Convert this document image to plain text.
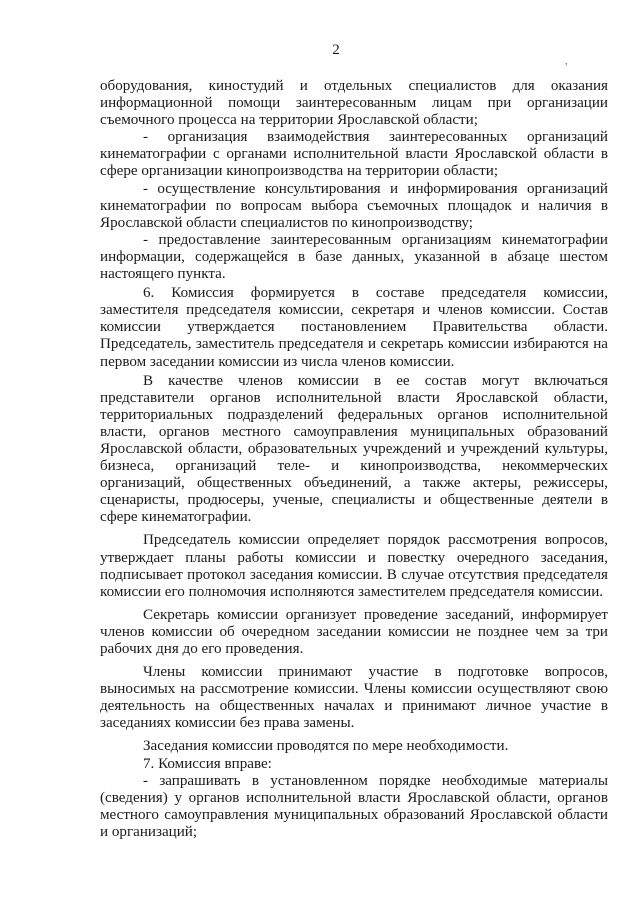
2
,

оборудования, киностудий и отдельных специалистов для оказания информационной помощи заинтересованным лицам при организации съемочного процесса на территории Ярославской области;

- организация взаимодействия заинтересованных организаций кинематографии с органами исполнительной власти Ярославской области в сфере организации кинопроизводства на территории области;

- осуществление консультирования и информирования организаций кинематографии по вопросам выбора съемочных площадок и наличия в Ярославской области специалистов по кинопроизводству;

- предоставление заинтересованным организациям кинематографии информации, содержащейся в базе данных, указанной в абзаце шестом настоящего пункта.

6. Комиссия формируется в составе председателя комиссии, заместителя председателя комиссии, секретаря и членов комиссии. Состав комиссии утверждается постановлением Правительства области. Председатель, заместитель председателя и секретарь комиссии избираются на первом заседании комиссии из числа членов комиссии.

В качестве членов комиссии в ее состав могут включаться представители органов исполнительной власти Ярославской области, территориальных подразделений федеральных органов исполнительной власти, органов местного самоуправления муниципальных образований Ярославской области, образовательных учреждений и учреждений культуры, бизнеса, организаций теле- и кинопроизводства, некоммерческих организаций, общественных объединений, а также актеры, режиссеры, сценаристы, продюсеры, ученые, специалисты и общественные деятели в сфере кинематографии.

Председатель комиссии определяет порядок рассмотрения вопросов, утверждает планы работы комиссии и повестку очередного заседания, подписывает протокол заседания комиссии. В случае отсутствия председателя комиссии его полномочия исполняются заместителем председателя комиссии.

Секретарь комиссии организует проведение заседаний, информирует членов комиссии об очередном заседании комиссии не позднее чем за три рабочих дня до его проведения.

Члены комиссии принимают участие в подготовке вопросов, выносимых на рассмотрение комиссии. Члены комиссии осуществляют свою деятельность на общественных началах и принимают личное участие в заседаниях комиссии без права замены.

Заседания комиссии проводятся по мере необходимости.

7. Комиссия вправе:

- запрашивать в установленном порядке необходимые материалы (сведения) у органов исполнительной власти Ярославской области, органов местного самоуправления муниципальных образований Ярославской области и организаций;
